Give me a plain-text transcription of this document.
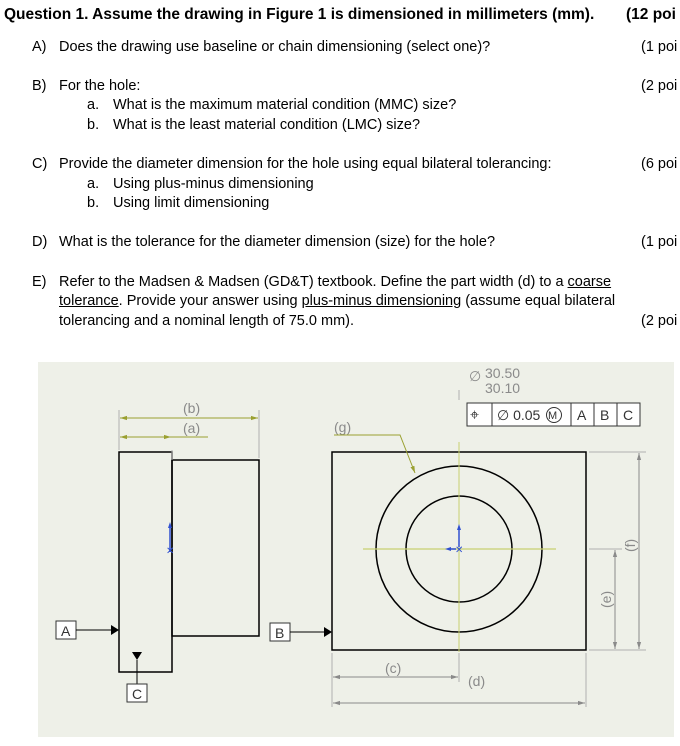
Question 1. Assume the drawing in Figure 1 is dimensioned in millimeters (mm). (12 poi
A) Does the drawing use baseline or chain dimensioning (select one)?	(1 poi
B) For the hole:	(2 poi
a. What is the maximum material condition (MMC) size?
b. What is the least material condition (LMC) size?
C) Provide the diameter dimension for the hole using equal bilateral tolerancing:	(6 poi
a. Using plus-minus dimensioning
b. Using limit dimensioning
D) What is the tolerance for the diameter dimension (size) for the hole?	(1 poi
E) Refer to the Madsen & Madsen (GD&T) textbook. Define the part width (d) to a coarse
tolerance. Provide your answer using plus-minus dimensioning (assume equal bilateral
tolerancing and a nominal length of 75.0 mm).	(2 poi
(b)
(a)
✕
A
C
✕
(d)
∅ 30.50
30.10
⌖ ∅ 0.05 M A B C
(g)
B
(c)
(e)
(f)
